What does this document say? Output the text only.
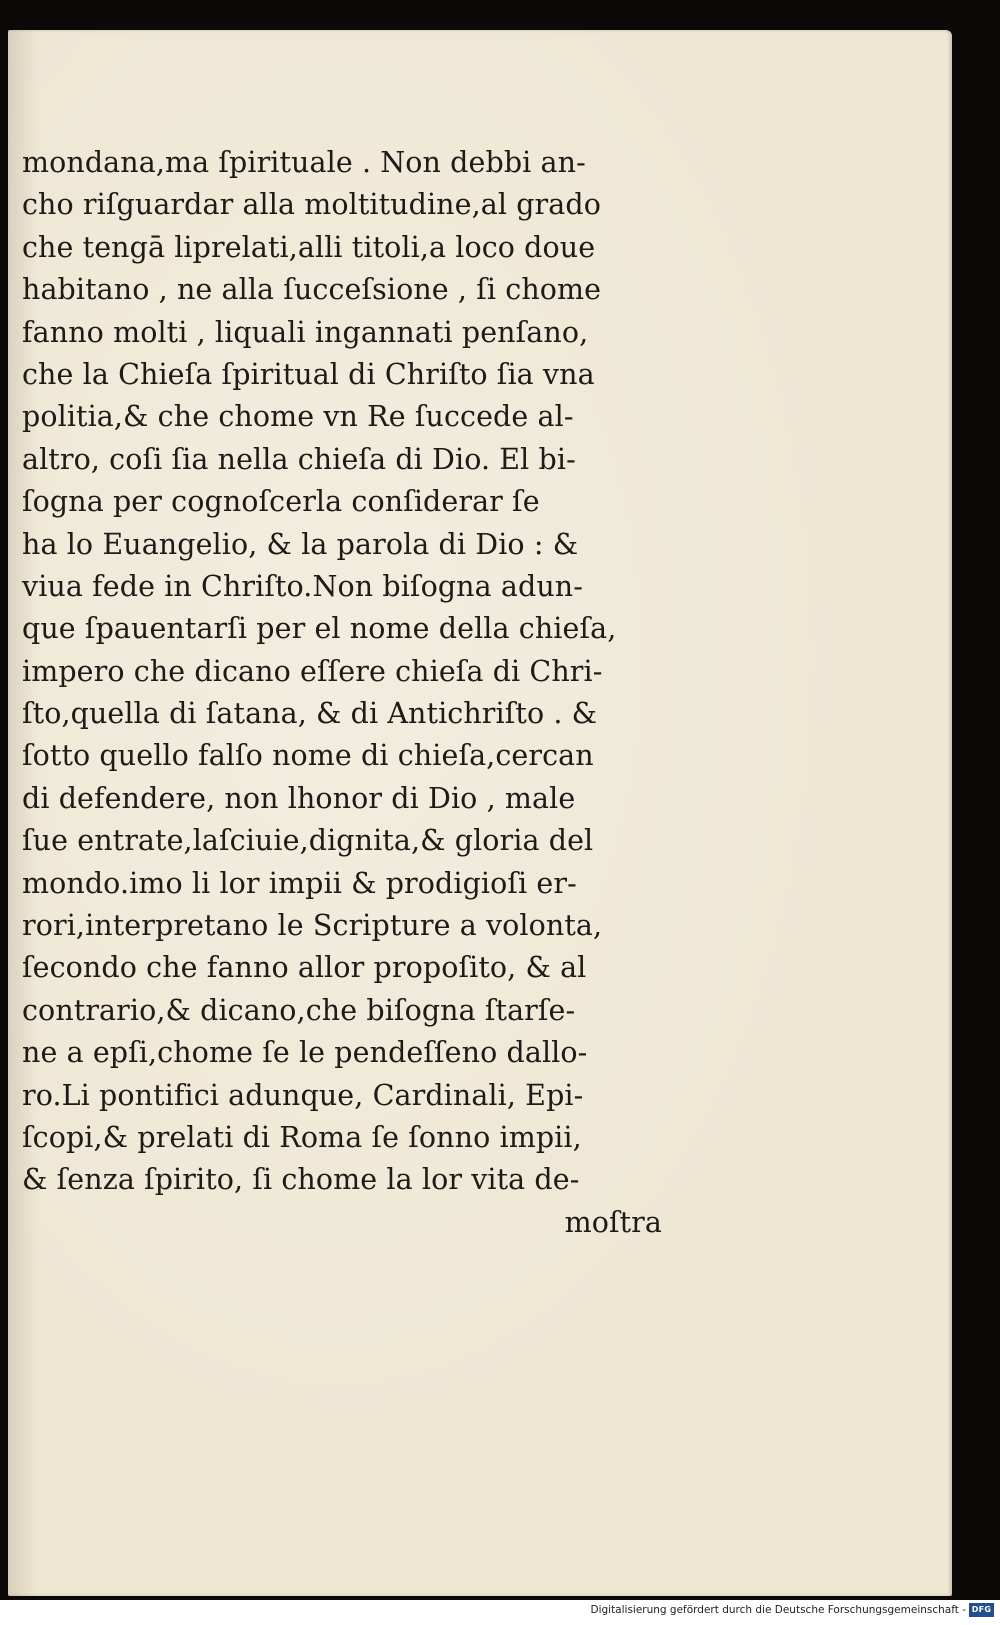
mondana,ma ſpirituale . Non debbi an-
cho riſguardar alla moltitudine,al grado
che tengā liprelati,alli titoli,a loco doue
habitano , ne alla ſucceſsione , ſi chome
fanno molti , liquali ingannati penſano,
che la Chieſa ſpiritual di Chriſto ſia vna
politia,& che chome vn Re ſuccede al-
altro, coſi ſia nella chieſa di Dio. El bi-
ſogna per cognoſcerla conſiderar ſe
ha lo Euangelio, & la parola di Dio : &
viua fede in Chriſto.Non biſogna adun-
que ſpauentarſi per el nome della chieſa,
impero che dicano eſſere chieſa di Chri-
ſto,quella di ſatana, & di Antichriſto . &
ſotto quello falſo nome di chieſa,cercan
di defendere, non lhonor di Dio , male
ſue entrate,laſciuie,dignita,& gloria del
mondo.imo li lor impii & prodigioſi er-
rori,interpretano le Scripture a volonta,
ſecondo che fanno allor propoſito, & al
contrario,& dicano,che biſogna ſtarſe-
ne a epſi,chome ſe le pendeſſeno dallo-
ro.Li pontifici adunque, Cardinali, Epi-
ſcopi,& prelati di Roma ſe ſonno impii,
& ſenza ſpirito, ſi chome la lor vita de-
moſtra
Digitalisierung gefördert durch die Deutsche Forschungsgemeinschaft - DFG
